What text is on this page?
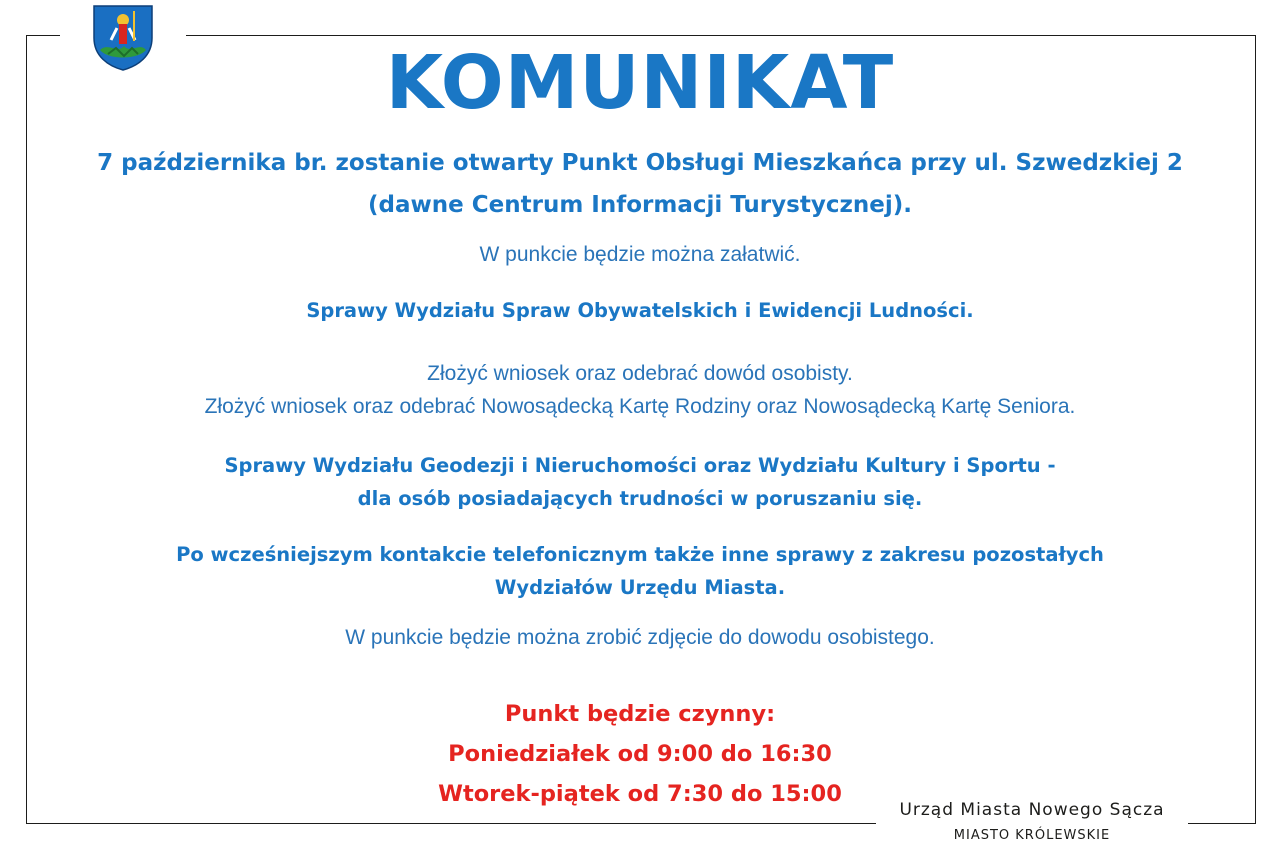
KOMUNIKAT
7 października br. zostanie otwarty Punkt Obsługi Mieszkańca przy ul. Szwedzkiej 2
(dawne Centrum Informacji Turystycznej).
W punkcie będzie można załatwić.
Sprawy Wydziału Spraw Obywatelskich i Ewidencji Ludności.
Złożyć wniosek oraz odebrać dowód osobisty.
Złożyć wniosek oraz odebrać Nowosądecką Kartę Rodziny oraz Nowosądecką Kartę Seniora.
Sprawy Wydziału Geodezji i Nieruchomości oraz Wydziału Kultury i Sportu -
dla osób posiadających trudności w poruszaniu się.
Po wcześniejszym kontakcie telefonicznym także inne sprawy z zakresu pozostałych
Wydziałów Urzędu Miasta.
W punkcie będzie można zrobić zdjęcie do dowodu osobistego.
Punkt będzie czynny:
Poniedziałek od 9:00 do 16:30
Wtorek-piątek od 7:30 do 15:00
Urząd Miasta Nowego Sącza
MIASTO KRÓLEWSKIE
